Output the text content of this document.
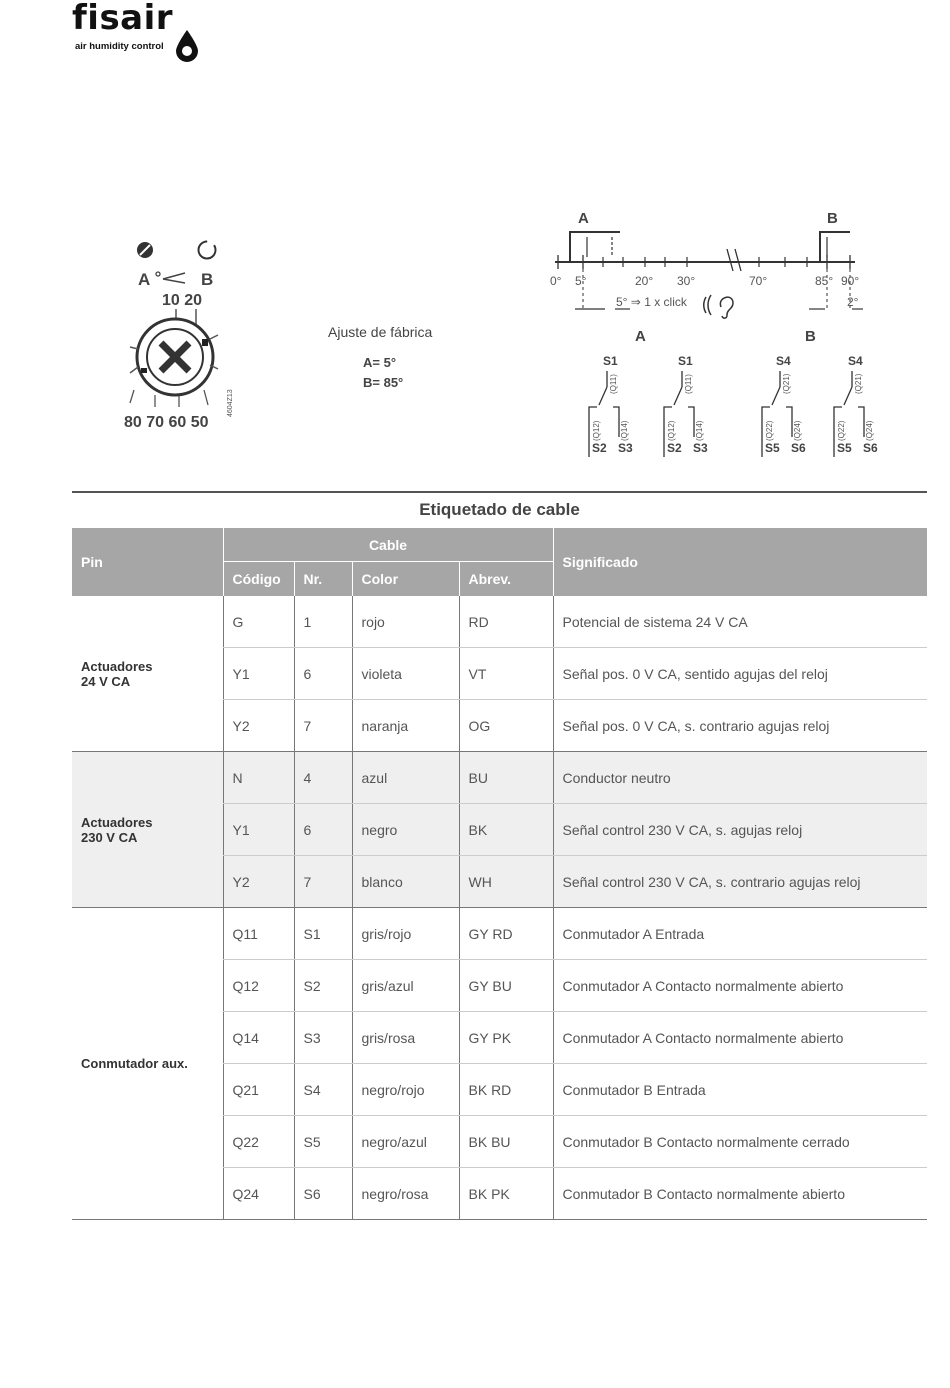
fisair
air humidity control
A	B
10 20
80 70 60 50
4604Z13
Ajuste de fábrica
A= 5°
B= 85°
A	B
0° 5°	20° 30°	70°	85° 90°
5° ⇒ 1 x click	2°
A	B
S1
(Q11)
(Q12) (Q14)
S2 S3
S1
(Q11)
(Q12) (Q14)
S2 S3
S4
(Q21)
(Q22) (Q24)
S5 S6
S4
(Q21)
(Q22) (Q24)
S5 S6
Etiquetado de cable
Pin	Cable				Significado
	Código	Nr.	Color	Abrev.	

Actuadores
24 V CA	G	1	rojo	RD	Potencial de sistema 24 V CA
	Y1	6	violeta	VT	Señal pos. 0 V CA, sentido agujas del reloj
	Y2	7	naranja	OG	Señal pos. 0 V CA, s. contrario agujas reloj

Actuadores
230 V CA	N	4	azul	BU	Conductor neutro
	Y1	6	negro	BK	Señal control 230 V CA, s. agujas reloj
	Y2	7	blanco	WH	Señal control 230 V CA, s. contrario agujas reloj

Conmutador aux.	Q11	S1	gris/rojo	GY RD	Conmutador A Entrada
	Q12	S2	gris/azul	GY BU	Conmutador A Contacto normalmente abierto
	Q14	S3	gris/rosa	GY PK	Conmutador A Contacto normalmente abierto
	Q21	S4	negro/rojo	BK RD	Conmutador B Entrada
	Q22	S5	negro/azul	BK BU	Conmutador B Contacto normalmente cerrado
	Q24	S6	negro/rosa	BK PK	Conmutador B Contacto normalmente abierto
